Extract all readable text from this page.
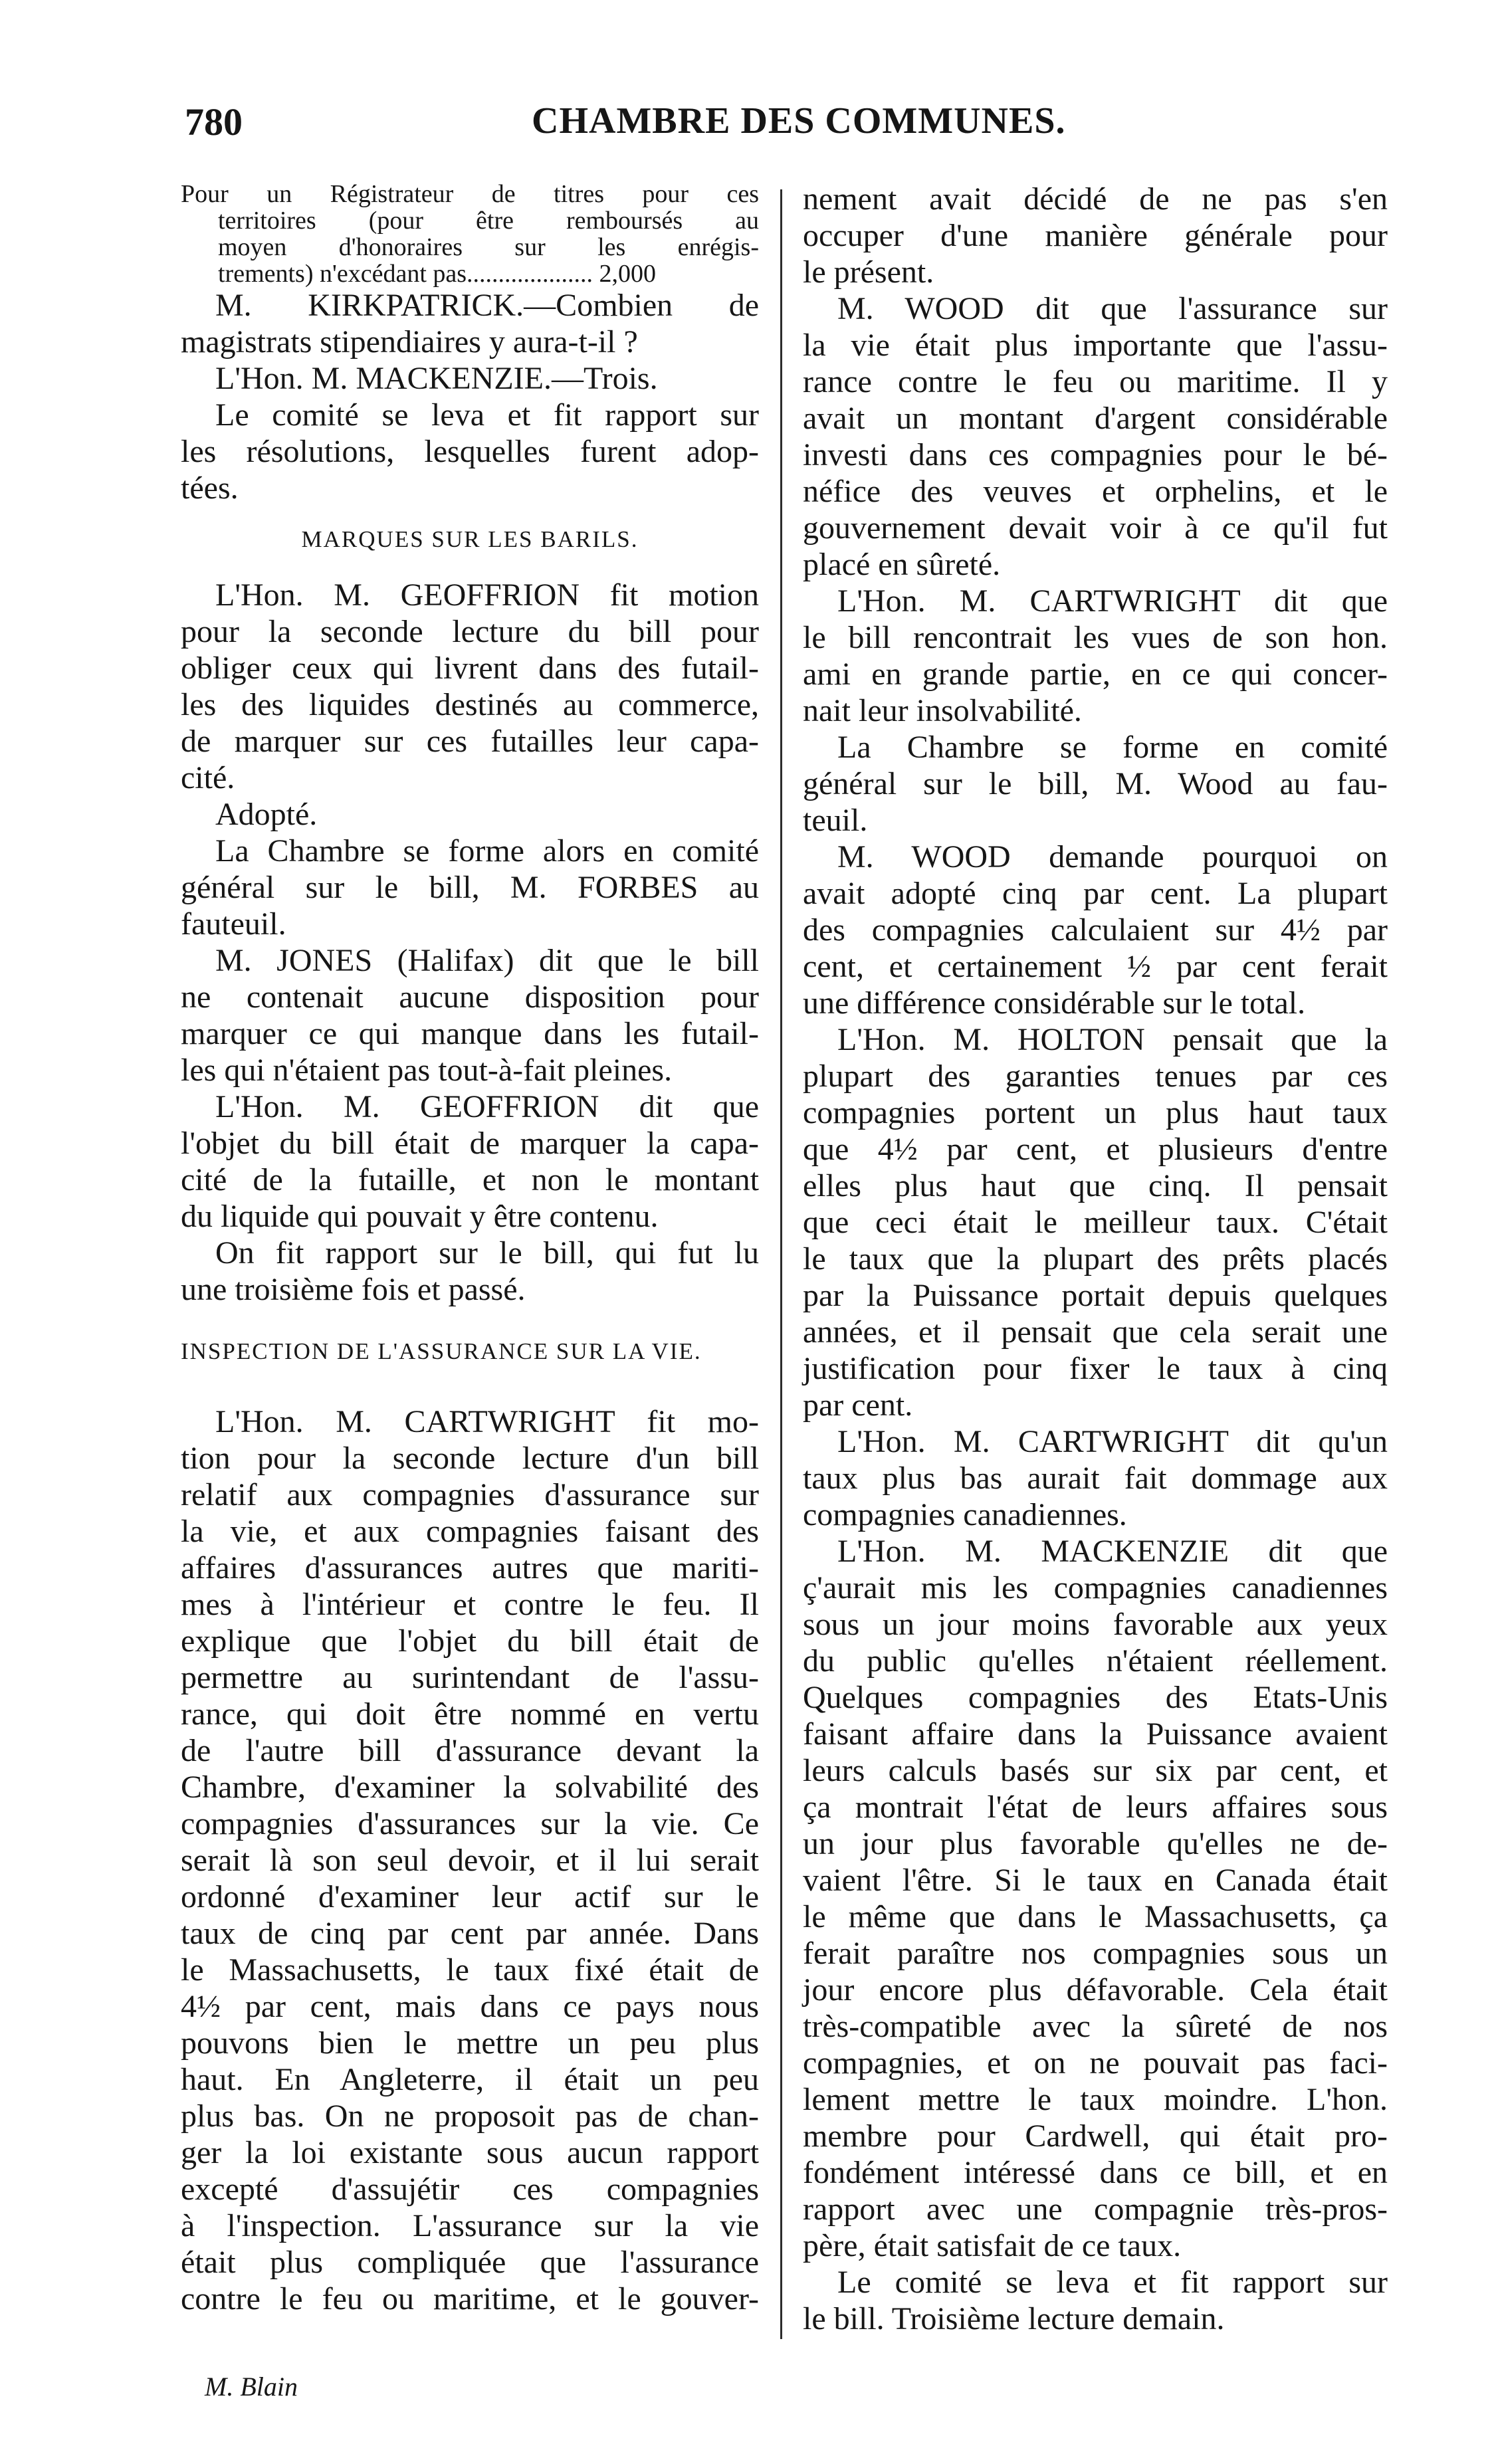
780	CHAMBRE DES COMMUNES.
Pour un Régistrateur de titres pour ces
territoires (pour être remboursés au
moyen d'honoraires sur les enrégis-
trements) n'excédant pas.................... 2,000
M. KIRKPATRICK.—Combien de
magistrats stipendiaires y aura-t-il ?
L'Hon. M. MACKENZIE.—Trois.
Le comité se leva et fit rapport sur
les résolutions, lesquelles furent adop-
tées.
MARQUES SUR LES BARILS.
L'Hon. M. GEOFFRION fit motion
pour la seconde lecture du bill pour
obliger ceux qui livrent dans des futail-
les des liquides destinés au commerce,
de marquer sur ces futailles leur capa-
cité.
Adopté.
La Chambre se forme alors en comité
général sur le bill, M. FORBES au
fauteuil.
M. JONES (Halifax) dit que le bill
ne contenait aucune disposition pour
marquer ce qui manque dans les futail-
les qui n'étaient pas tout-à-fait pleines.
L'Hon. M. GEOFFRION dit que
l'objet du bill était de marquer la capa-
cité de la futaille, et non le montant
du liquide qui pouvait y être contenu.
On fit rapport sur le bill, qui fut lu
une troisième fois et passé.
INSPECTION DE L'ASSURANCE SUR LA VIE.
L'Hon. M. CARTWRIGHT fit mo-
tion pour la seconde lecture d'un bill
relatif aux compagnies d'assurance sur
la vie, et aux compagnies faisant des
affaires d'assurances autres que mariti-
mes à l'intérieur et contre le feu. Il
explique que l'objet du bill était de
permettre au surintendant de l'assu-
rance, qui doit être nommé en vertu
de l'autre bill d'assurance devant la
Chambre, d'examiner la solvabilité des
compagnies d'assurances sur la vie. Ce
serait là son seul devoir, et il lui serait
ordonné d'examiner leur actif sur le
taux de cinq par cent par année. Dans
le Massachusetts, le taux fixé était de
4½ par cent, mais dans ce pays nous
pouvons bien le mettre un peu plus
haut. En Angleterre, il était un peu
plus bas. On ne proposoit pas de chan-
ger la loi existante sous aucun rapport
excepté d'assujétir ces compagnies
à l'inspection. L'assurance sur la vie
était plus compliquée que l'assurance
contre le feu ou maritime, et le gouver-
nement avait décidé de ne pas s'en
occuper d'une manière générale pour
le présent.
M. WOOD dit que l'assurance sur
la vie était plus importante que l'assu-
rance contre le feu ou maritime. Il y
avait un montant d'argent considérable
investi dans ces compagnies pour le bé-
néfice des veuves et orphelins, et le
gouvernement devait voir à ce qu'il fut
placé en sûreté.
L'Hon. M. CARTWRIGHT dit que
le bill rencontrait les vues de son hon.
ami en grande partie, en ce qui concer-
nait leur insolvabilité.
La Chambre se forme en comité
général sur le bill, M. Wood au fau-
teuil.
M. WOOD demande pourquoi on
avait adopté cinq par cent. La plupart
des compagnies calculaient sur 4½ par
cent, et certainement ½ par cent ferait
une différence considérable sur le total.
L'Hon. M. HOLTON pensait que la
plupart des garanties tenues par ces
compagnies portent un plus haut taux
que 4½ par cent, et plusieurs d'entre
elles plus haut que cinq. Il pensait
que ceci était le meilleur taux. C'était
le taux que la plupart des prêts placés
par la Puissance portait depuis quelques
années, et il pensait que cela serait une
justification pour fixer le taux à cinq
par cent.
L'Hon. M. CARTWRIGHT dit qu'un
taux plus bas aurait fait dommage aux
compagnies canadiennes.
L'Hon. M. MACKENZIE dit que
ç'aurait mis les compagnies canadiennes
sous un jour moins favorable aux yeux
du public qu'elles n'étaient réellement.
Quelques compagnies des Etats-Unis
faisant affaire dans la Puissance avaient
leurs calculs basés sur six par cent, et
ça montrait l'état de leurs affaires sous
un jour plus favorable qu'elles ne de-
vaient l'être. Si le taux en Canada était
le même que dans le Massachusetts, ça
ferait paraître nos compagnies sous un
jour encore plus défavorable. Cela était
très-compatible avec la sûreté de nos
compagnies, et on ne pouvait pas faci-
lement mettre le taux moindre. L'hon.
membre pour Cardwell, qui était pro-
fondément intéressé dans ce bill, et en
rapport avec une compagnie très-pros-
père, était satisfait de ce taux.
Le comité se leva et fit rapport sur
le bill. Troisième lecture demain.
M. Blain
